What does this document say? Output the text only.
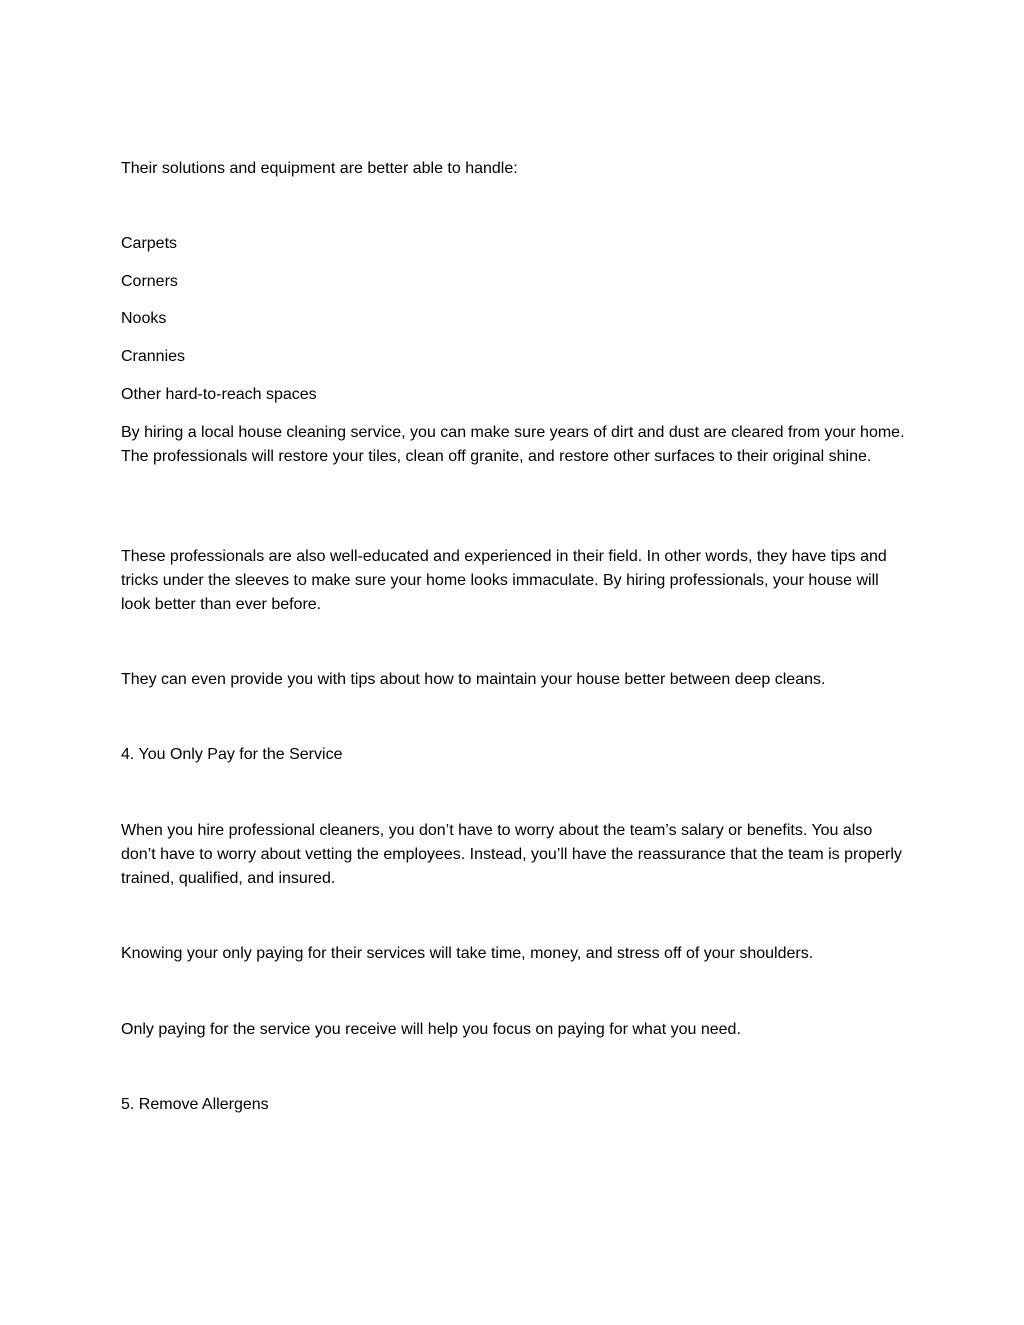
Their solutions and equipment are better able to handle:

Carpets

Corners

Nooks

Crannies

Other hard-to-reach spaces

By hiring a local house cleaning service, you can make sure years of dirt and dust are cleared from your home. The professionals will restore your tiles, clean off granite, and restore other surfaces to their original shine.

These professionals are also well-educated and experienced in their field. In other words, they have tips and tricks under the sleeves to make sure your home looks immaculate. By hiring professionals, your house will look better than ever before.

They can even provide you with tips about how to maintain your house better between deep cleans.

4. You Only Pay for the Service

When you hire professional cleaners, you don’t have to worry about the team’s salary or benefits. You also don’t have to worry about vetting the employees. Instead, you’ll have the reassurance that the team is properly trained, qualified, and insured.

Knowing your only paying for their services will take time, money, and stress off of your shoulders.

Only paying for the service you receive will help you focus on paying for what you need.

5. Remove Allergens
